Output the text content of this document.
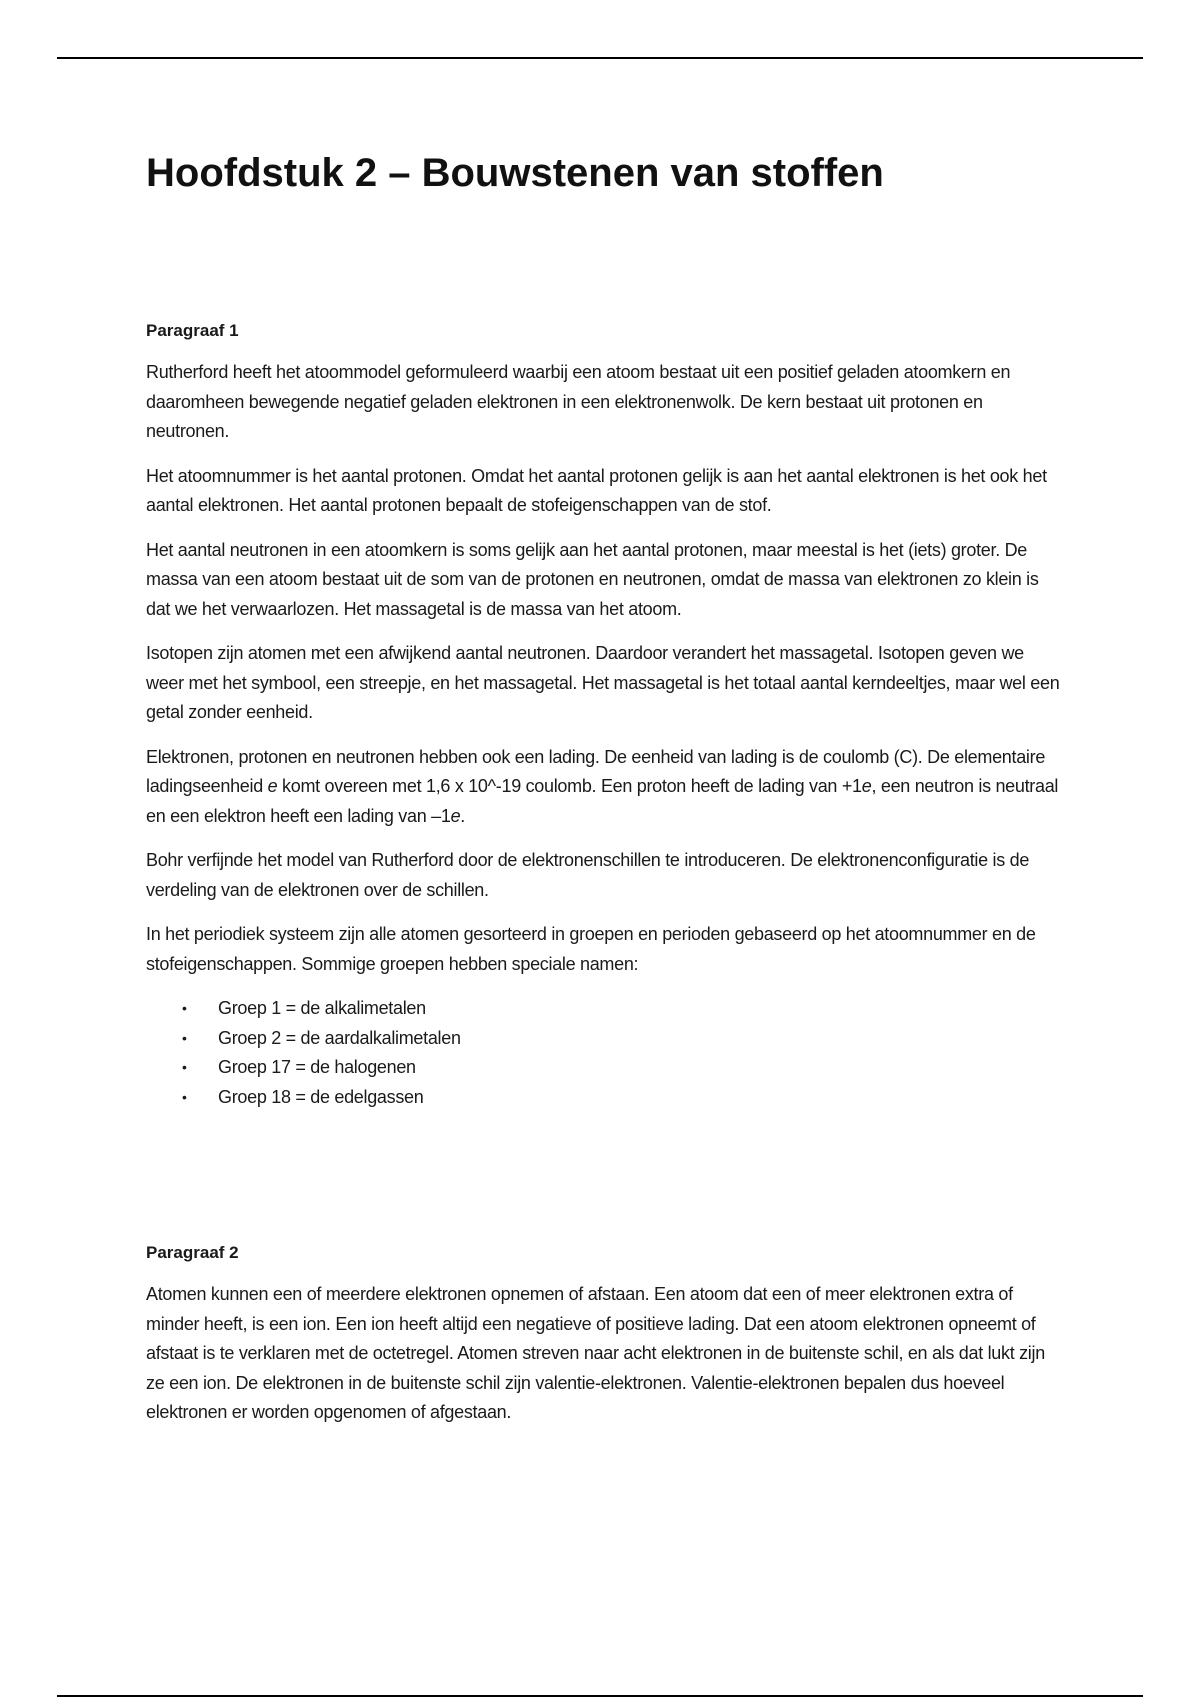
Hoofdstuk 2 – Bouwstenen van stoffen
Paragraaf 1

Rutherford heeft het atoommodel geformuleerd waarbij een atoom bestaat uit een positief geladen atoomkern en daaromheen bewegende negatief geladen elektronen in een elektronenwolk. De kern bestaat uit protonen en neutronen.

Het atoomnummer is het aantal protonen. Omdat het aantal protonen gelijk is aan het aantal elektronen is het ook het aantal elektronen. Het aantal protonen bepaalt de stofeigenschappen van de stof.

Het aantal neutronen in een atoomkern is soms gelijk aan het aantal protonen, maar meestal is het (iets) groter. De massa van een atoom bestaat uit de som van de protonen en neutronen, omdat de massa van elektronen zo klein is dat we het verwaarlozen. Het massagetal is de massa van het atoom.

Isotopen zijn atomen met een afwijkend aantal neutronen. Daardoor verandert het massagetal. Isotopen geven we weer met het symbool, een streepje, en het massagetal. Het massagetal is het totaal aantal kerndeeltjes, maar wel een getal zonder eenheid.

Elektronen, protonen en neutronen hebben ook een lading. De eenheid van lading is de coulomb (C). De elementaire ladingseenheid e komt overeen met 1,6 x 10^-19 coulomb. Een proton heeft de lading van +1e, een neutron is neutraal en een elektron heeft een lading van –1e.

Bohr verfijnde het model van Rutherford door de elektronenschillen te introduceren. De elektronenconfiguratie is de verdeling van de elektronen over de schillen.

In het periodiek systeem zijn alle atomen gesorteerd in groepen en perioden gebaseerd op het atoomnummer en de stofeigenschappen. Sommige groepen hebben speciale namen:

• Groep 1 = de alkalimetalen
• Groep 2 = de aardalkalimetalen
• Groep 17 = de halogenen
• Groep 18 = de edelgassen
Paragraaf 2

Atomen kunnen een of meerdere elektronen opnemen of afstaan. Een atoom dat een of meer elektronen extra of minder heeft, is een ion. Een ion heeft altijd een negatieve of positieve lading. Dat een atoom elektronen opneemt of afstaat is te verklaren met de octetregel. Atomen streven naar acht elektronen in de buitenste schil, en als dat lukt zijn ze een ion. De elektronen in de buitenste schil zijn valentie-elektronen. Valentie-elektronen bepalen dus hoeveel elektronen er worden opgenomen of afgestaan.
